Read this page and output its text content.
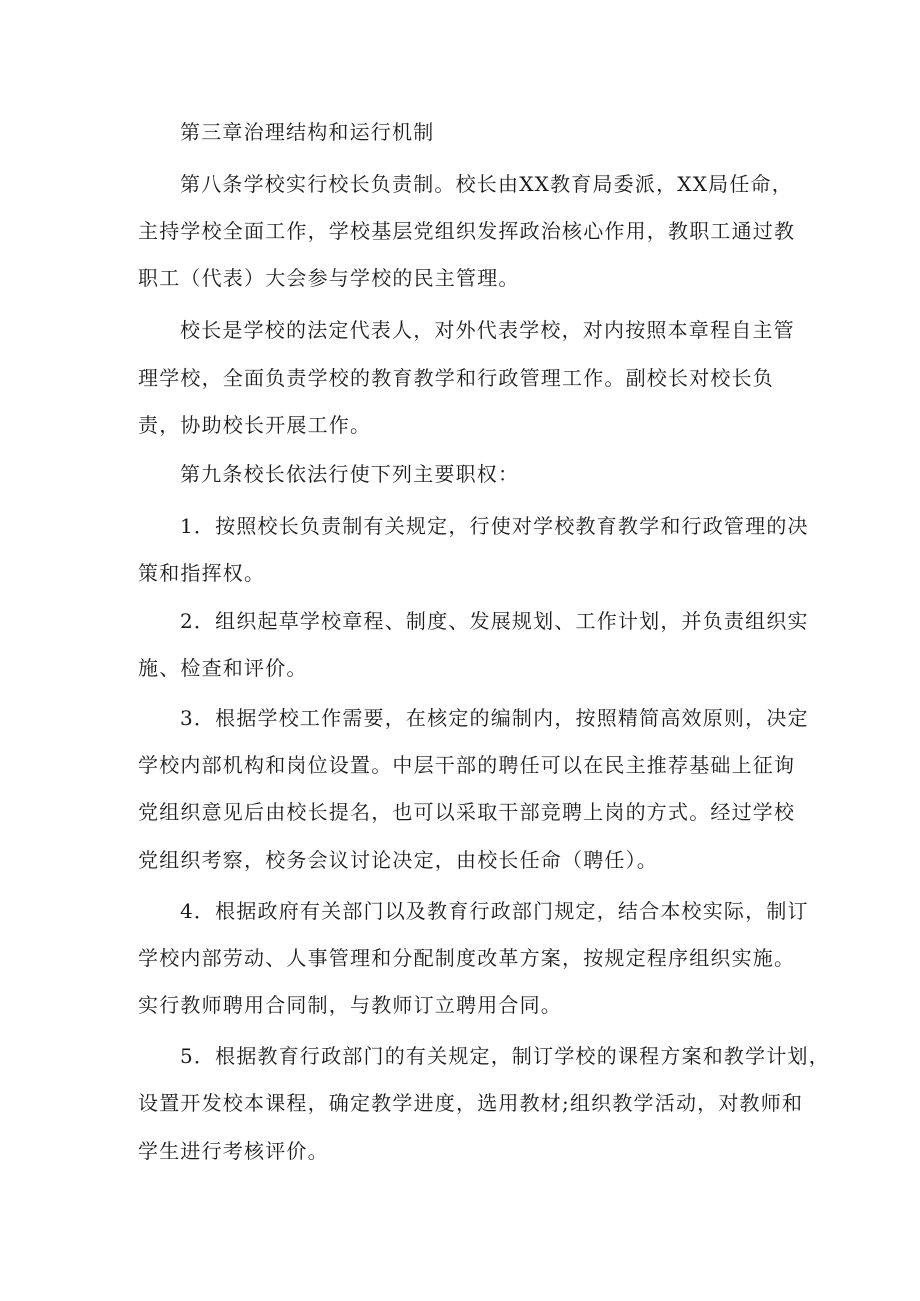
第三章治理结构和运行机制
第八条学校实行校长负责制。校长由XX教育局委派，XX局任命，
主持学校全面工作，学校基层党组织发挥政治核心作用，教职工通过教
职工（代表）大会参与学校的民主管理。
校长是学校的法定代表人，对外代表学校，对内按照本章程自主管
理学校，全面负责学校的教育教学和行政管理工作。副校长对校长负
责，协助校长开展工作。
第九条校长依法行使下列主要职权：
1．按照校长负责制有关规定，行使对学校教育教学和行政管理的决
策和指挥权。
2．组织起草学校章程、制度、发展规划、工作计划，并负责组织实
施、检查和评价。
3．根据学校工作需要，在核定的编制内，按照精简高效原则，决定
学校内部机构和岗位设置。中层干部的聘任可以在民主推荐基础上征询
党组织意见后由校长提名，也可以采取干部竞聘上岗的方式。经过学校
党组织考察，校务会议讨论决定，由校长任命（聘任）。
4．根据政府有关部门以及教育行政部门规定，结合本校实际，制订
学校内部劳动、人事管理和分配制度改革方案，按规定程序组织实施。
实行教师聘用合同制，与教师订立聘用合同。
5．根据教育行政部门的有关规定，制订学校的课程方案和教学计划，
设置开发校本课程，确定教学进度，选用教材;组织教学活动，对教师和
学生进行考核评价。
